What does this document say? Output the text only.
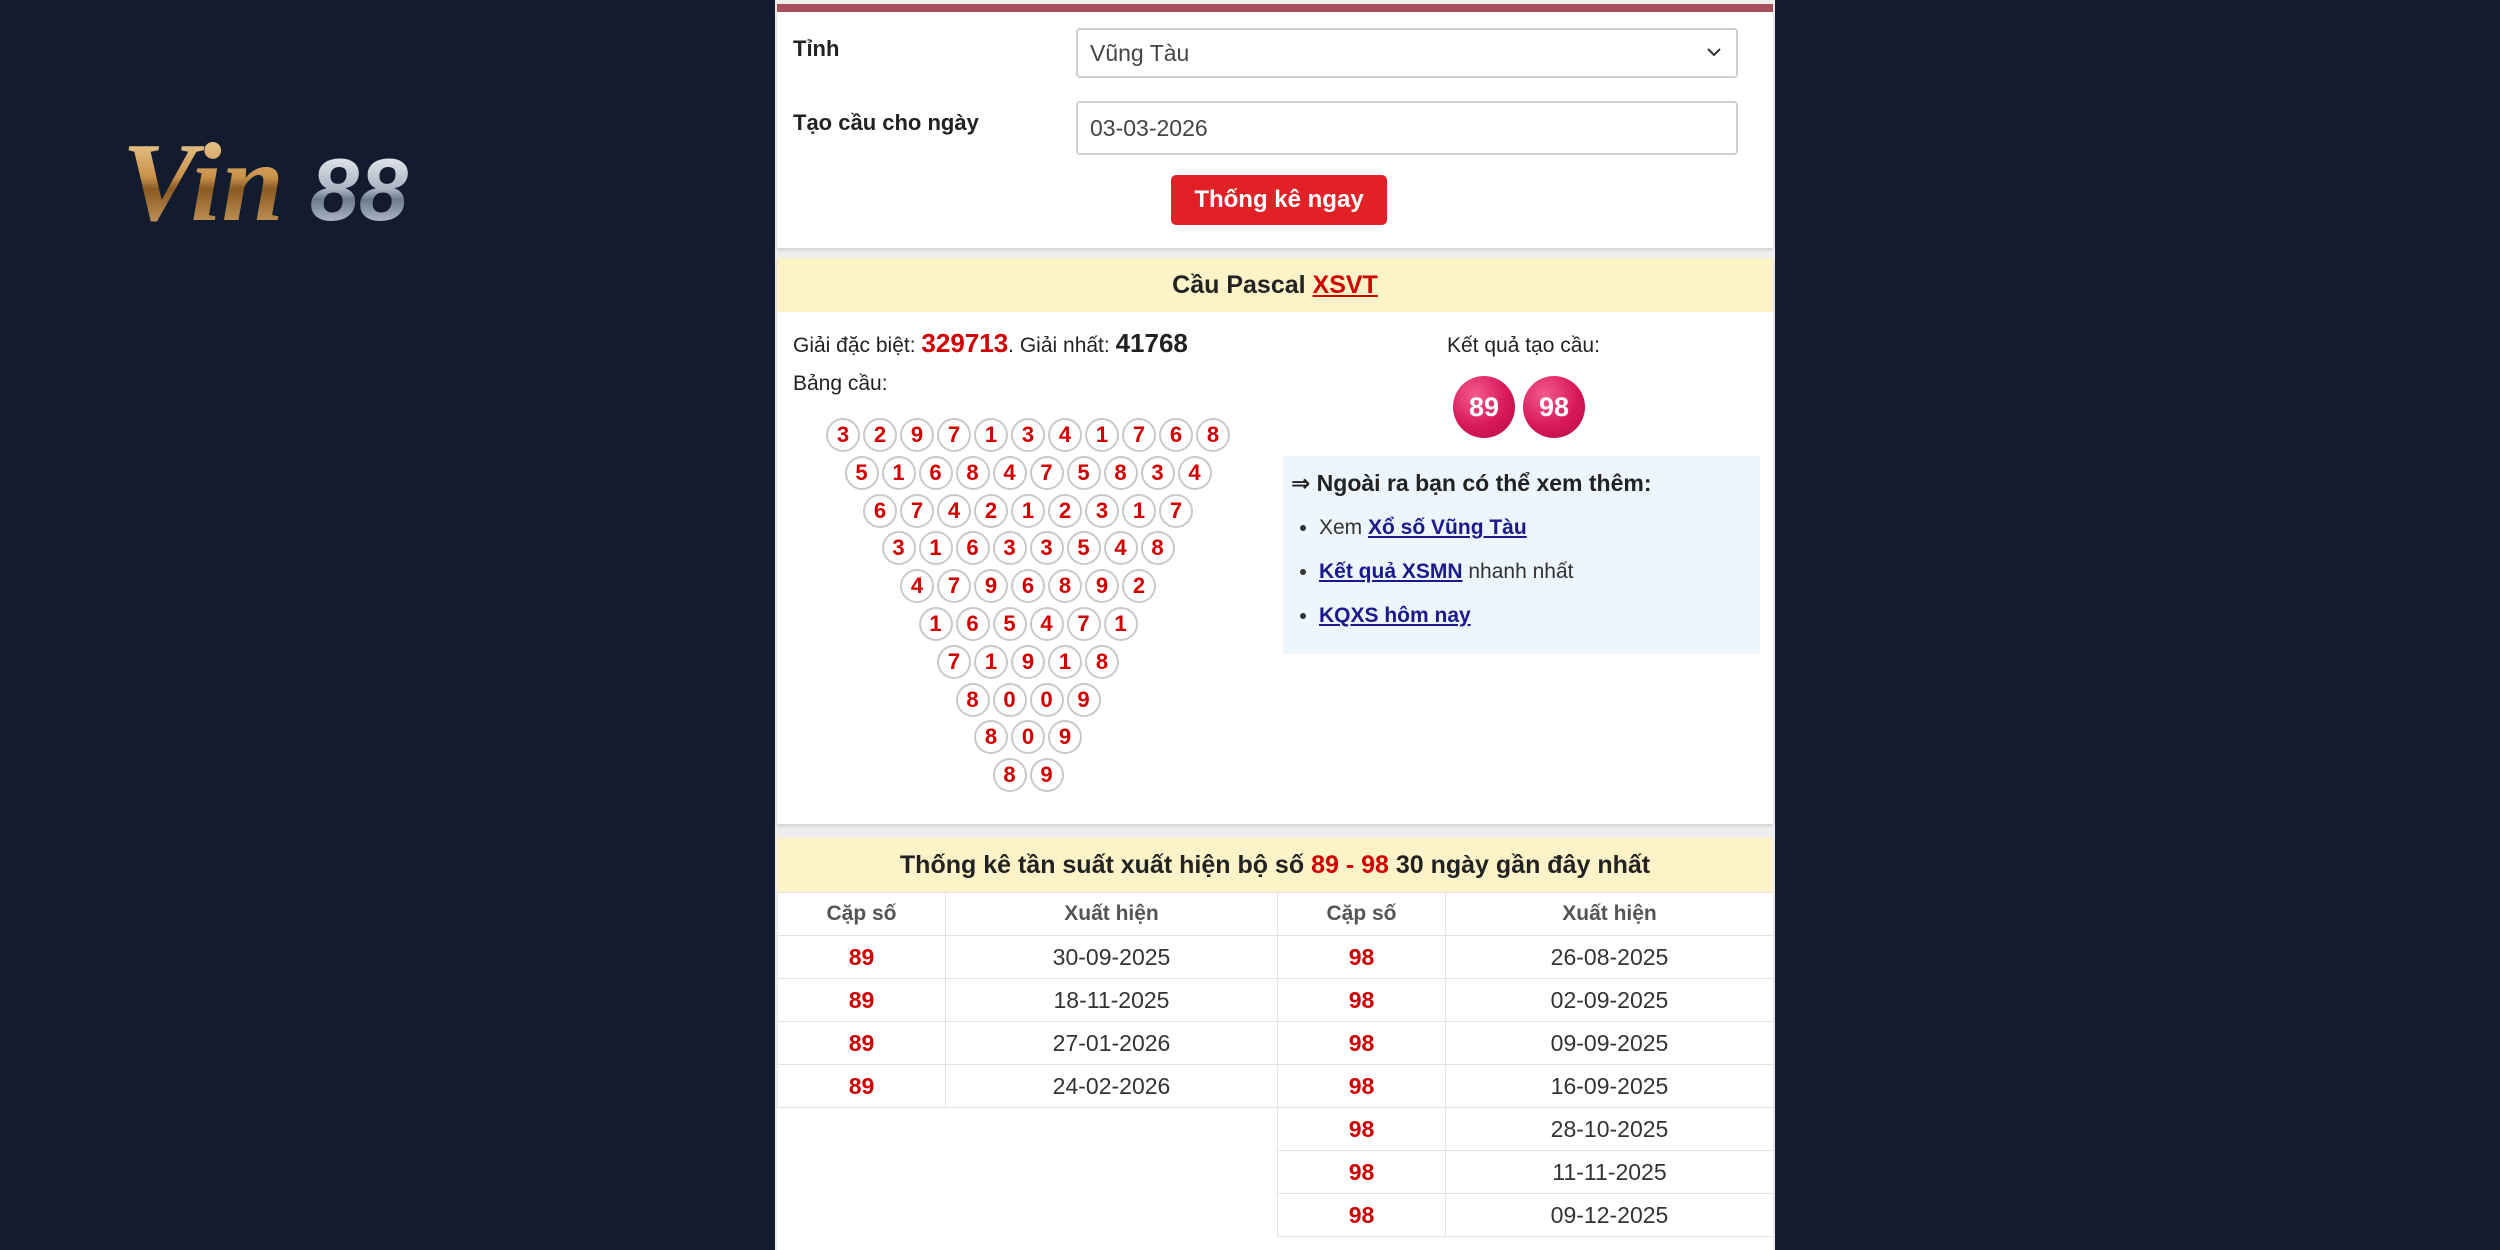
Vin 88
Tỉnh	Vũng Tàu
Tạo cầu cho ngày	03-03-2026
Thống kê ngay
Cầu Pascal XSVT
Giải đặc biệt: 329713. Giải nhất: 41768
Bảng cầu:
3	2	9	7	1	3	4	1	7	6	8
5	1	6	8	4	7	5	8	3	4
6	7	4	2	1	2	3	1	7
3	1	6	3	3	5	4	8
4	7	9	6	8	9	2
1	6	5	4	7	1
7	1	9	1	8
8	0	0	9
8	0	9
8	9
Kết quả tạo cầu:
89	98
⇒ Ngoài ra bạn có thể xem thêm:
• Xem Xổ số Vũng Tàu
• Kết quả XSMN nhanh nhất
• KQXS hôm nay
Thống kê tần suất xuất hiện bộ số 89 - 98 30 ngày gần đây nhất
Cặp số	Xuất hiện	Cặp số	Xuất hiện
89	30-09-2025	98	26-08-2025
89	18-11-2025	98	02-09-2025
89	27-01-2026	98	09-09-2025
89	24-02-2026	98	16-09-2025
		98	28-10-2025
		98	11-11-2025
		98	09-12-2025
